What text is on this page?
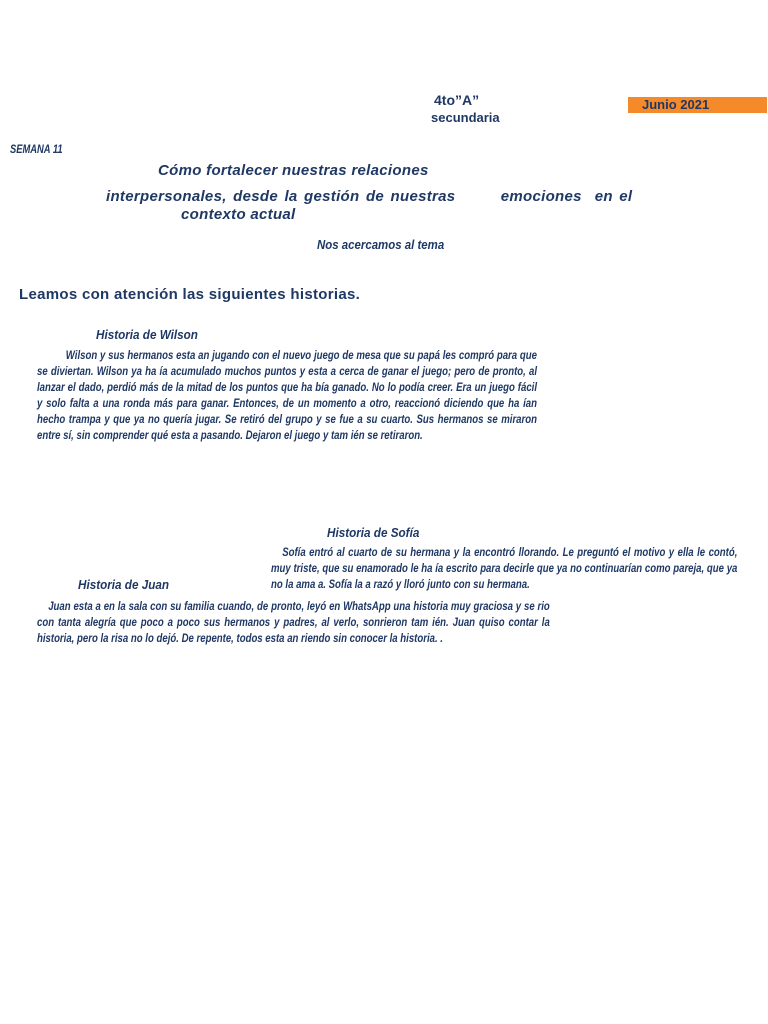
4to”A”
secundaria
Junio 2021
SEMANA 11
Cómo fortalecer nuestras relaciones
interpersonales, desde la gestión de nuestras       emociones  en el
contexto actual
Nos acercamos al tema
Leamos con atención las siguientes historias.
Historia de Wilson
Wilson y sus hermanos esta an jugando con el nuevo juego de mesa que su papá les compró para que se diviertan. Wilson ya ha ía acumulado muchos puntos y esta a cerca de ganar el juego; pero de pronto, al lanzar el dado, perdió más de la mitad de los puntos que ha bía ganado. No lo podía creer. Era un juego fácil y solo falta a una ronda más para ganar. Entonces, de un momento a otro, reaccionó diciendo que ha ían hecho trampa y que ya no quería jugar. Se retiró del grupo y se fue a su cuarto. Sus hermanos se miraron entre sí, sin comprender qué esta a pasando. Dejaron el juego y tam ién se retiraron.
Historia de Sofía
Sofía entró al cuarto de su hermana y la encontró llorando. Le preguntó el motivo y ella le contó, muy triste, que su enamorado le ha ía escrito para decirle que ya no continuarían como pareja, que ya no la ama a. Sofía la a razó y lloró junto con su hermana.
Historia de Juan
Juan esta a en la sala con su familia cuando, de pronto, leyó en WhatsApp una historia muy graciosa y se rio con tanta alegría que poco a poco sus hermanos y padres, al verlo, sonrieron tam ién. Juan quiso contar la historia, pero la risa no lo dejó. De repente, todos esta an riendo sin conocer la historia. .
